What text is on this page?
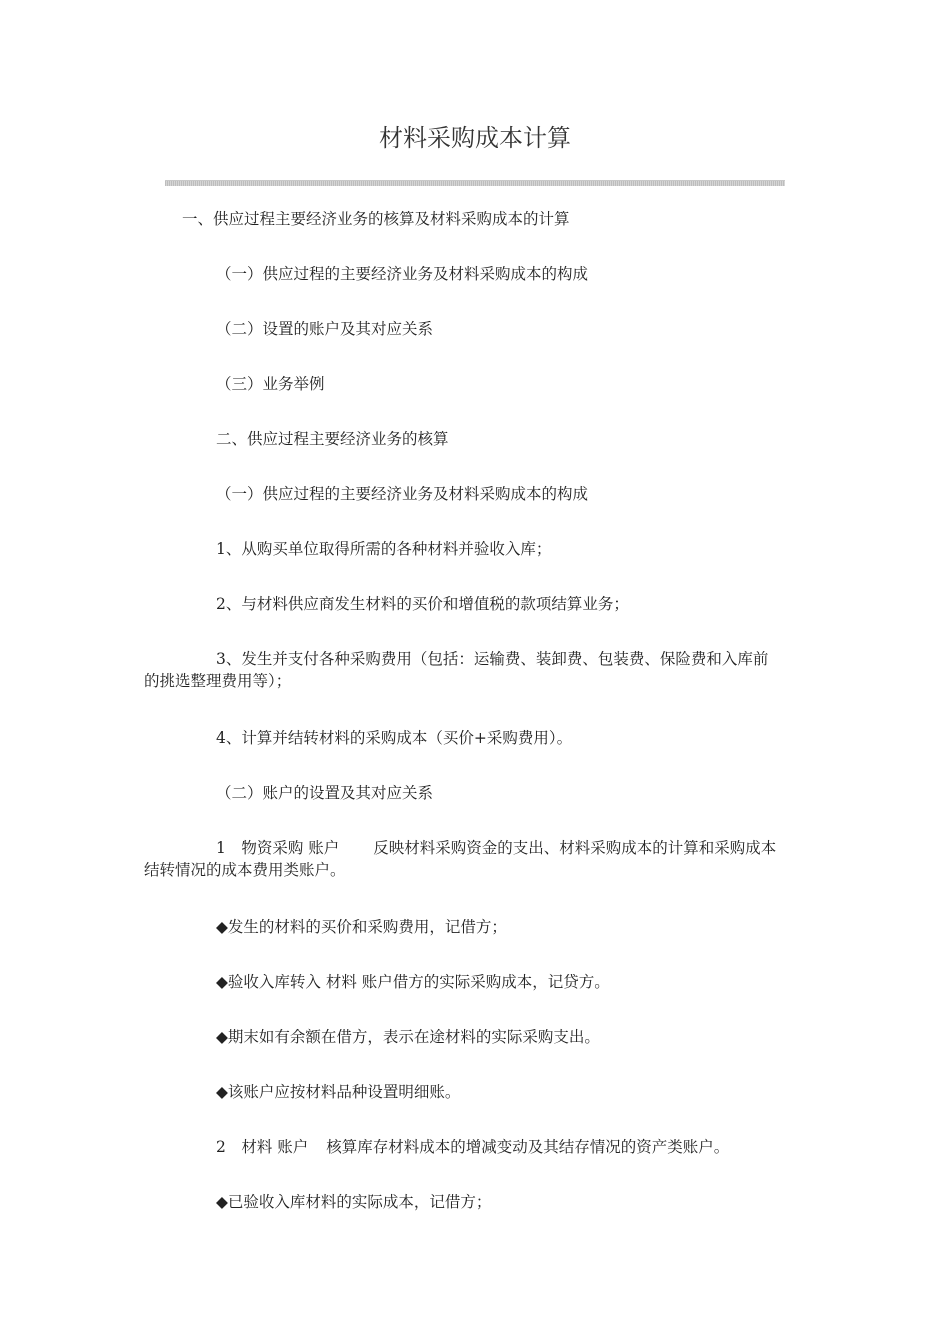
材料采购成本计算
一、供应过程主要经济业务的核算及材料采购成本的计算
（一）供应过程的主要经济业务及材料采购成本的构成
（二）设置的账户及其对应关系
（三）业务举例
二、供应过程主要经济业务的核算
（一）供应过程的主要经济业务及材料采购成本的构成
1、从购买单位取得所需的各种材料并验收入库；
2、与材料供应商发生材料的买价和增值税的款项结算业务；
3、发生并支付各种采购费用（包括：运输费、装卸费、包装费、保险费和入库前
的挑选整理费用等）；
4、计算并结转材料的采购成本（买价+采购费用）。
（二）账户的设置及其对应关系
1　物资采购 账户 反映材料采购资金的支出、材料采购成本的计算和采购成本
结转情况的成本费用类账户。
◆发生的材料的买价和采购费用，记借方；
◆验收入库转入 材料 账户借方的实际采购成本，记贷方。
◆期末如有余额在借方，表示在途材料的实际采购支出。
◆该账户应按材料品种设置明细账。
2　材料 账户 核算库存材料成本的增减变动及其结存情况的资产类账户。
◆已验收入库材料的实际成本，记借方；
